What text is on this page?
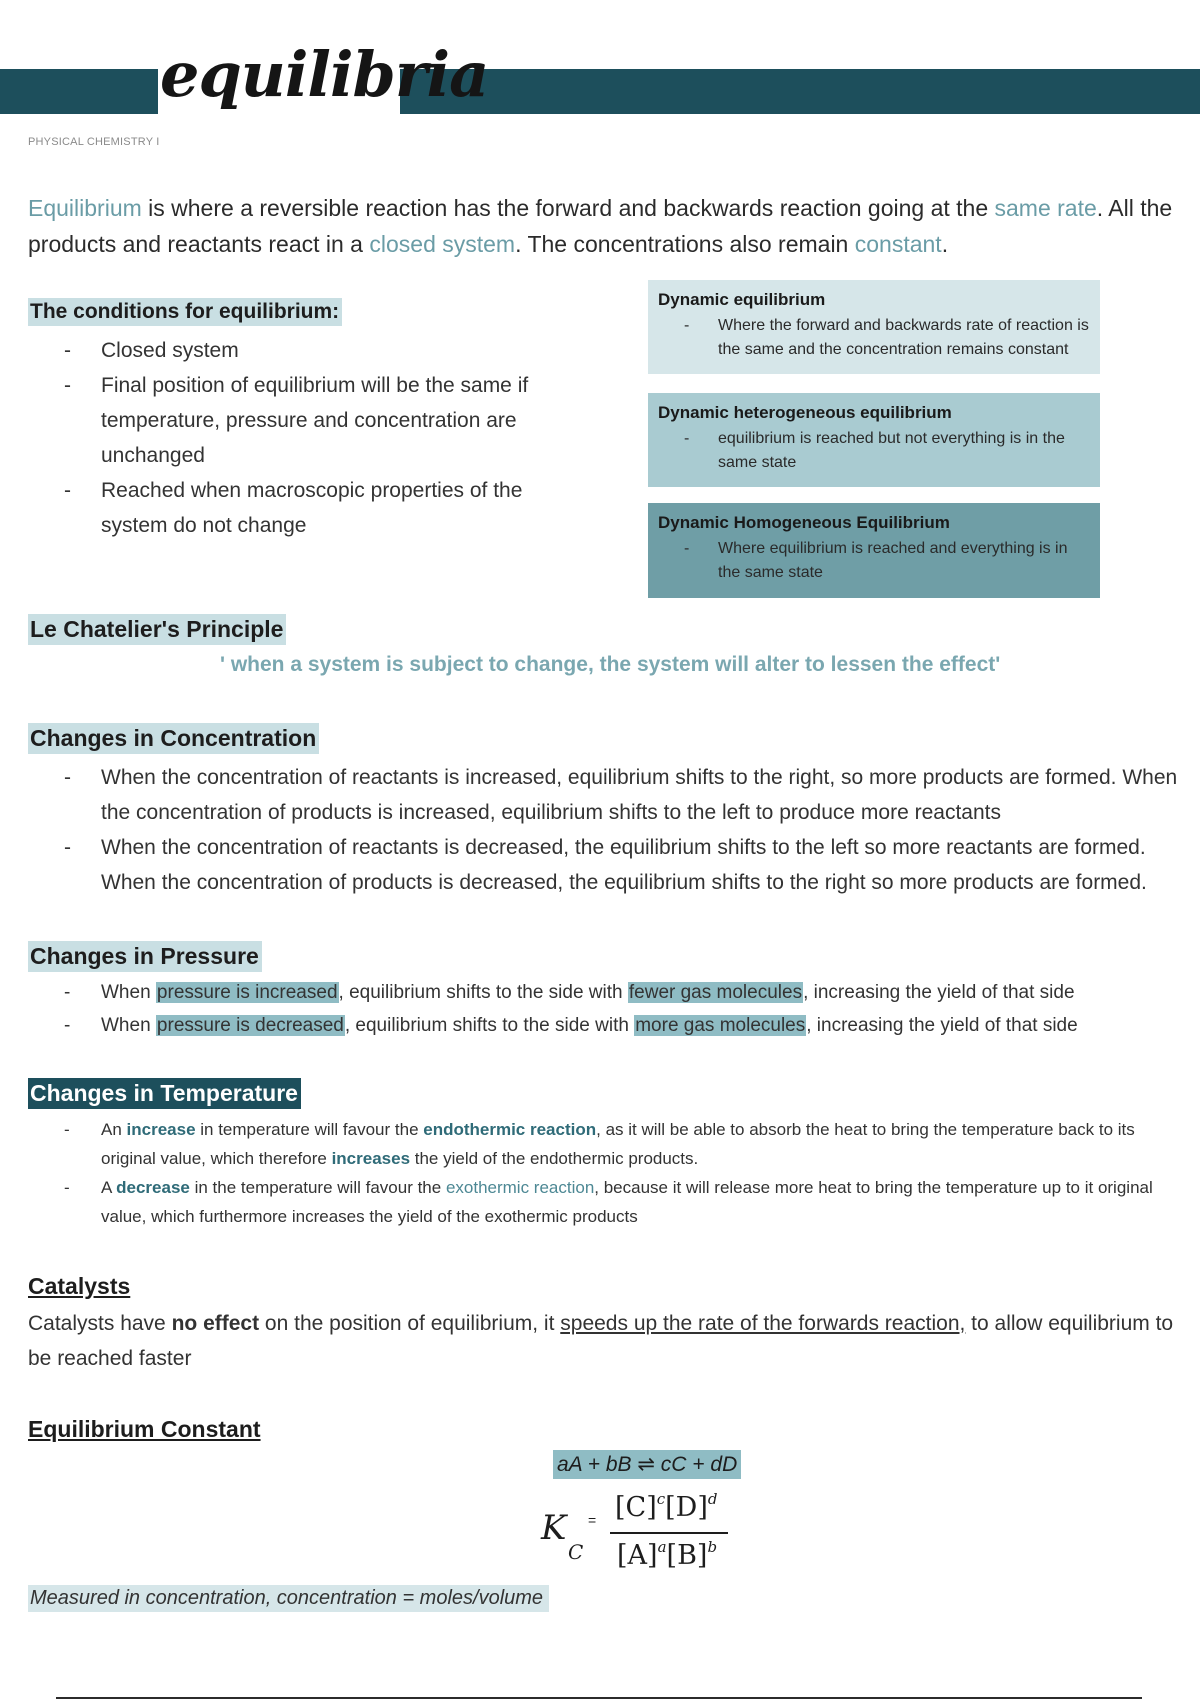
equilibria
PHYSICAL CHEMISTRY I

Equilibrium is where a reversible reaction has the forward and backwards reaction going at the same rate. All the products and reactants react in a closed system. The concentrations also remain constant.

The conditions for equilibrium:
- Closed system
- Final position of equilibrium will be the same if temperature, pressure and concentration are unchanged
- Reached when macroscopic properties of the system do not change
Dynamic equilibrium
- Where the forward and backwards rate of reaction is the same and the concentration remains constant
Dynamic heterogeneous equilibrium
- equilibrium is reached but not everything is in the same state
Dynamic Homogeneous Equilibrium
- Where equilibrium is reached and everything is in the same state
Le Chatelier's Principle
' when a system is subject to change, the system will alter to lessen the effect'
Changes in Concentration
- When the concentration of reactants is increased, equilibrium shifts to the right, so more products are formed. When the concentration of products is increased, equilibrium shifts to the left to produce more reactants
- When the concentration of reactants is decreased, the equilibrium shifts to the left so more reactants are formed. When the concentration of products is decreased, the equilibrium shifts to the right so more products are formed.
Changes in Pressure
- When pressure is increased, equilibrium shifts to the side with fewer gas molecules, increasing the yield of that side
- When pressure is decreased, equilibrium shifts to the side with more gas molecules, increasing the yield of that side
Changes in Temperature
- An increase in temperature will favour the endothermic reaction, as it will be able to absorb the heat to bring the temperature back to its original value, which therefore increases the yield of the endothermic products.
- A decrease in the temperature will favour the exothermic reaction, because it will release more heat to bring the temperature up to it original value, which furthermore increases the yield of the exothermic products
Catalysts

Catalysts have no effect on the position of equilibrium, it speeds up the rate of the forwards reaction, to allow equilibrium to be reached faster

Equilibrium Constant
aA + bB ⇌ cC + dD
K
C
= $[C]^c[D]^d$
$[A]^a[B]^b$
Measured in concentration, concentration = moles/volume
